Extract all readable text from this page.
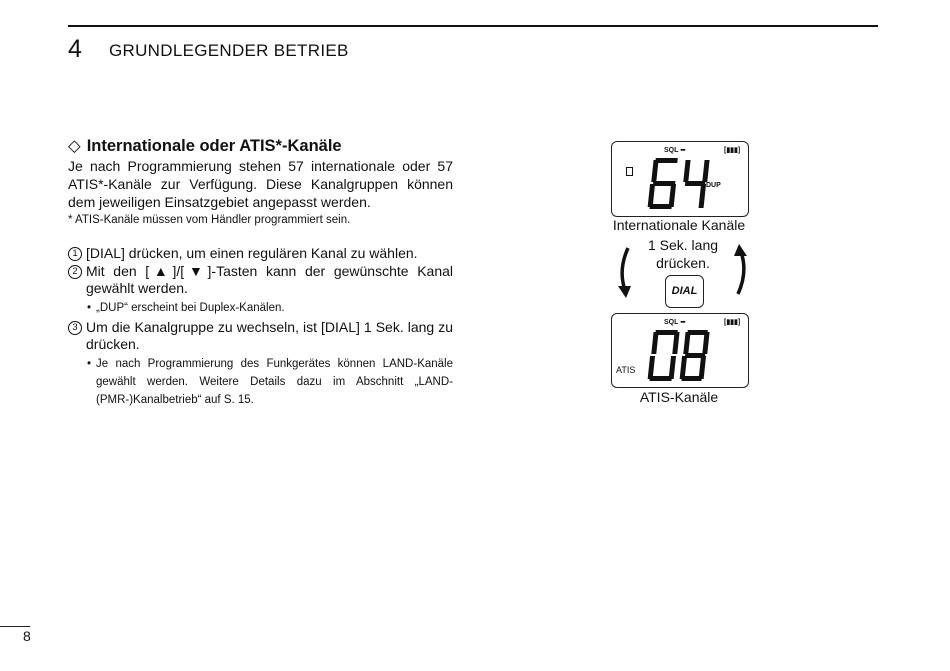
4 GRUNDLEGENDER BETRIEB
◇ Internationale oder ATIS*-Kanäle

Je nach Programmierung stehen 57 internationale oder 57 ATIS*-Kanäle zur Verfügung. Diese Kanalgruppen können dem jeweiligen Einsatzgebiet angepasst werden.

* ATIS-Kanäle müssen vom Händler programmiert sein.

1 [DIAL] drücken, um einen regulären Kanal zu wählen.
2 Mit den [▲]/[▼]-Tasten kann der gewünschte Kanal gewählt werden.
• „DUP“ erscheint bei Duplex-Kanälen.
3 Um die Kanalgruppe zu wechseln, ist [DIAL] 1 Sek. lang zu drücken.
• Je nach Programmierung des Funkgerätes können LAND-Kanäle gewählt werden. Weitere Details dazu im Abschnitt „LAND-(PMR-)Kanalbetrieb“ auf S. 15.
SQL ▪▪▪	[▮▮▮]
DUP
Internationale Kanäle
1 Sek. lang drücken.
DIAL
SQL ▪▪▪	[▮▮▮]
ATIS
ATIS-Kanäle
8
